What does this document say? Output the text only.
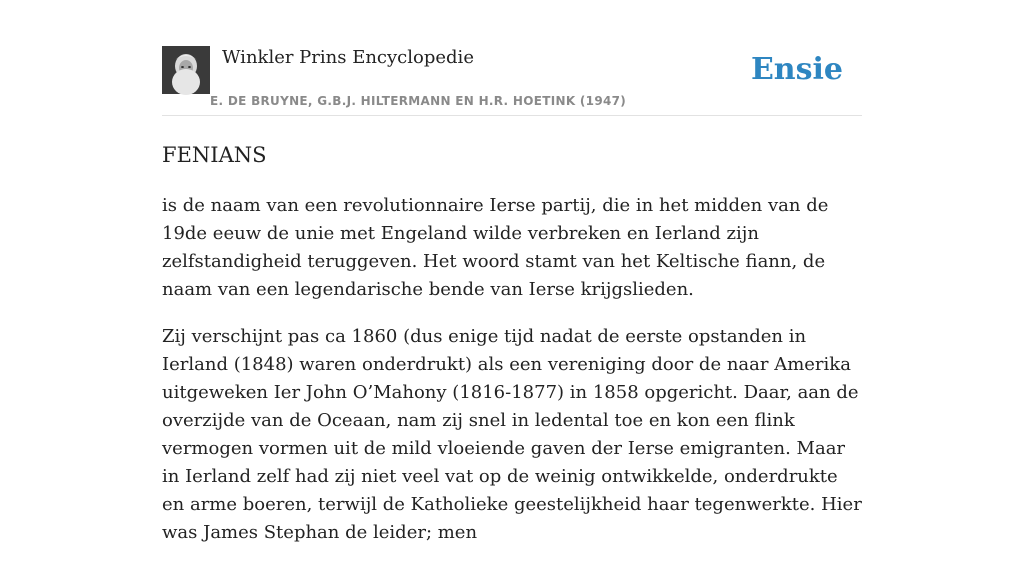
Winkler Prins Encyclopedie
E. DE BRUYNE, G.B.J. HILTERMANN EN H.R. HOETINK (1947)
Ensie
FENIANS

is de naam van een revolutionnaire Ierse partij, die in het midden van de 19de eeuw de unie met Engeland wilde verbreken en Ierland zijn zelfstandigheid teruggeven. Het woord stamt van het Keltische fiann, de naam van een legendarische bende van Ierse krijgslieden.

Zij verschijnt pas ca 1860 (dus enige tijd nadat de eerste opstanden in Ierland (1848) waren onderdrukt) als een vereniging door de naar Amerika uitgeweken Ier John O’Mahony (1816-1877) in 1858 opgericht. Daar, aan de overzijde van de Oceaan, nam zij snel in ledental toe en kon een flink vermogen vormen uit de mild vloeiende gaven der Ierse emigranten. Maar in Ierland zelf had zij niet veel vat op de weinig ontwikkelde, onderdrukte en arme boeren, terwijl de Katholieke geestelijkheid haar tegenwerkte. Hier was James Stephan de leider; men
